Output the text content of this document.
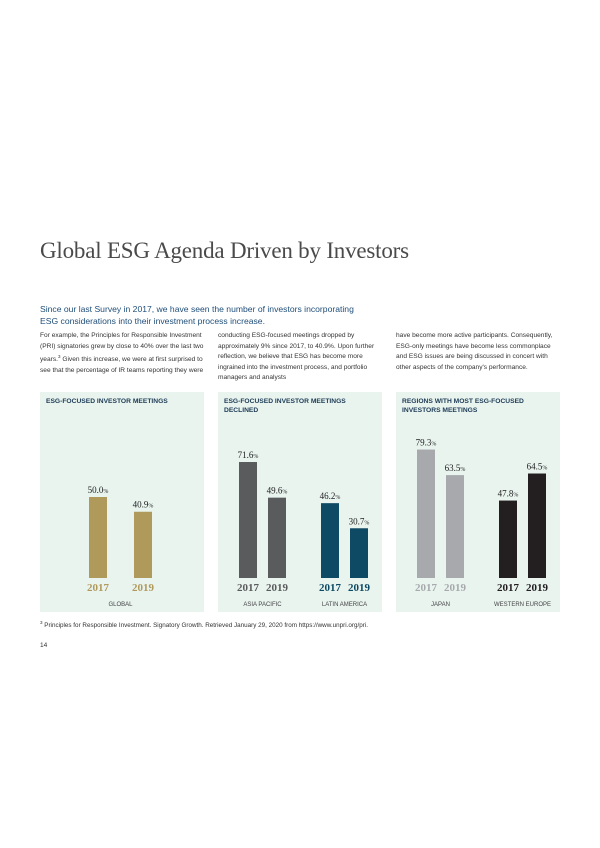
Global ESG Agenda Driven by Investors
Since our last Survey in 2017, we have seen the number of investors incorporating ESG considerations into their investment process increase.
For example, the Principles for Responsible Investment (PRI) signatories grew by close to 40% over the last two years.$^3$ Given this increase, we were at first surprised to see that the percentage of IR teams reporting they were
conducting ESG-focused meetings dropped by approximately 9% since 2017, to 40.9%. Upon further reflection, we believe that ESG has become more ingrained into the investment process, and portfolio managers and analysts
have become more active participants. Consequently, ESG-only meetings have become less commonplace and ESG issues are being discussed in concert with other aspects of the company's performance.
ESG-FOCUSED INVESTOR MEETINGS
50.0%
2017
40.9%
2019
GLOBAL
ESG-FOCUSED INVESTOR MEETINGS DECLINED
71.6%
2017
49.6%
2019
ASIA PACIFIC
46.2%
2017
30.7%
2019
LATIN AMERICA
REGIONS WITH MOST ESG-FOCUSED INVESTORS MEETINGS
79.3%
2017
63.5%
2019
JAPAN
47.8%
2017
64.5%
2019
WESTERN EUROPE
$^3$ Principles for Responsible Investment. Signatory Growth. Retrieved January 29, 2020 from https://www.unpri.org/pri.
14
